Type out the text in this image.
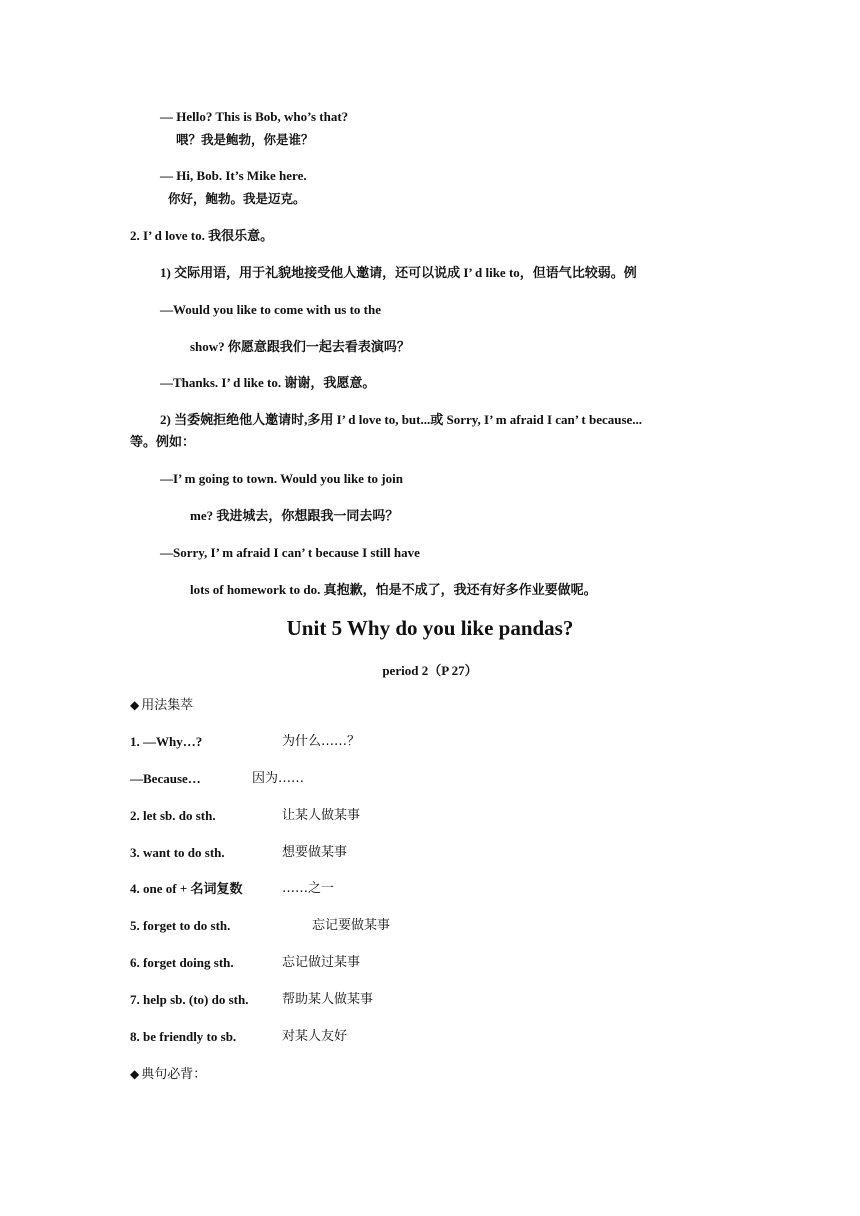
— Hello? This is Bob, who’s that?
喂？我是鲍勃，你是谁？
— Hi, Bob. It’s Mike here.
你好，鲍勃。我是迈克。
2. I’ d love to. 我很乐意。
1) 交际用语，用于礼貌地接受他人邀请，还可以说成 I’ d like to，但语气比较弱。例
—Would you like to come with us to the
show? 你愿意跟我们一起去看表演吗？
—Thanks. I’ d like to. 谢谢，我愿意。
2) 当委婉拒绝他人邀请时,多用 I’ d love to, but...或 Sorry, I’ m afraid I can’ t because...
等。例如：
—I’ m going to town. Would you like to join
me? 我进城去，你想跟我一同去吗？
—Sorry, I’ m afraid I can’ t because I still have
lots of homework to do. 真抱歉，怕是不成了，我还有好多作业要做呢。
Unit 5 Why do you like pandas?
period 2（P 27）
◆ 用法集萃
1. —Why…?	为什么……？
—Because…	因为……
2. let sb. do sth.	让某人做某事
3. want to do sth.	想要做某事
4. one of + 名词复数	……之一
5. forget to do sth.	忘记要做某事
6. forget doing sth.	忘记做过某事
7. help sb. (to) do sth.	帮助某人做某事
8. be friendly to sb.	对某人友好
◆ 典句必背：
